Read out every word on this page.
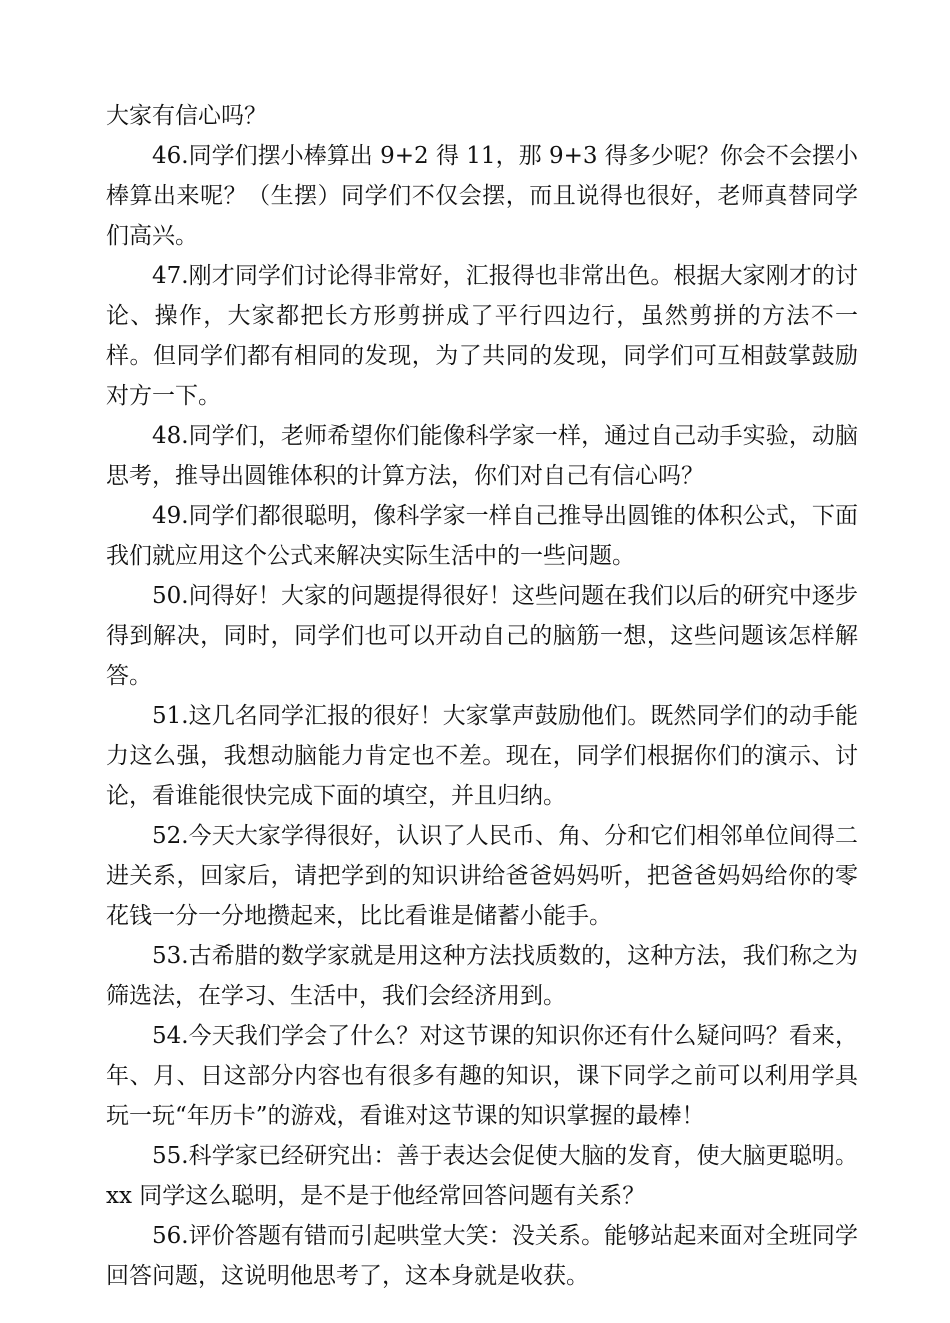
大家有信心吗？

46.同学们摆小棒算出 9+2 得 11，那 9+3 得多少呢？你会不会摆小棒算出来呢？（生摆）同学们不仅会摆，而且说得也很好，老师真替同学们高兴。

47.刚才同学们讨论得非常好，汇报得也非常出色。根据大家刚才的讨论、操作，大家都把长方形剪拼成了平行四边行，虽然剪拼的方法不一样。但同学们都有相同的发现，为了共同的发现，同学们可互相鼓掌鼓励对方一下。

48.同学们，老师希望你们能像科学家一样，通过自己动手实验，动脑思考，推导出圆锥体积的计算方法，你们对自己有信心吗？

49.同学们都很聪明，像科学家一样自己推导出圆锥的体积公式，下面我们就应用这个公式来解决实际生活中的一些问题。

50.问得好！大家的问题提得很好！这些问题在我们以后的研究中逐步得到解决，同时，同学们也可以开动自己的脑筋一想，这些问题该怎样解答。

51.这几名同学汇报的很好！大家掌声鼓励他们。既然同学们的动手能力这么强，我想动脑能力肯定也不差。现在，同学们根据你们的演示、讨论，看谁能很快完成下面的填空，并且归纳。

52.今天大家学得很好，认识了人民币、角、分和它们相邻单位间得二进关系，回家后，请把学到的知识讲给爸爸妈妈听，把爸爸妈妈给你的零花钱一分一分地攒起来，比比看谁是储蓄小能手。

53.古希腊的数学家就是用这种方法找质数的，这种方法，我们称之为筛选法，在学习、生活中，我们会经济用到。

54.今天我们学会了什么？对这节课的知识你还有什么疑问吗？看来，年、月、日这部分内容也有很多有趣的知识，课下同学之前可以利用学具玩一玩“年历卡”的游戏，看谁对这节课的知识掌握的最棒！

55.科学家已经研究出：善于表达会促使大脑的发育，使大脑更聪明。xx 同学这么聪明，是不是于他经常回答问题有关系？

56.评价答题有错而引起哄堂大笑：没关系。能够站起来面对全班同学回答问题，这说明他思考了，这本身就是收获。
